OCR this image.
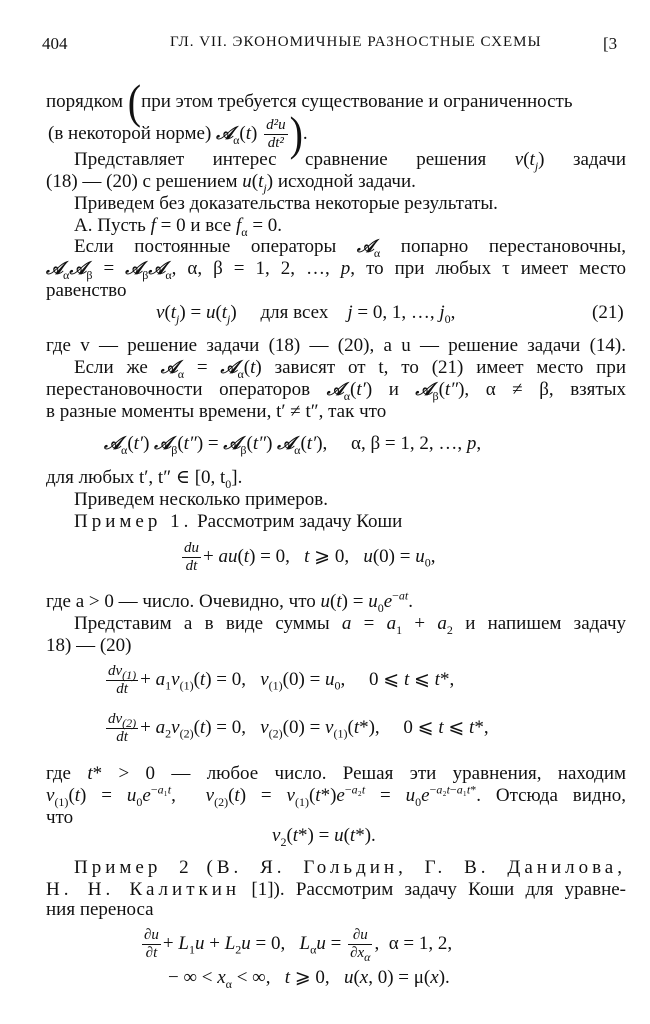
404	ГЛ. VII. ЭКОНОМИЧНЫЕ РАЗНОСТНЫЕ СХЕМЫ	[3
порядком (при этом требуется существование и ограниченность
(в некоторой норме) 𝒜$_\alpha$(t) $\frac{\text{d²u}}{\text{dt²}}$ ).
Представляет интерес сравнение решения $v(t_j)$ задачи
(18) — (20) с решением $u(t_j)$ исходной задачи.
Приведем без доказательства некоторые результаты.
А. Пусть f = 0 и все $f_\alpha = 0$.
Если постоянные операторы 𝒜$_\alpha$ попарно перестановочны,
𝒜$_\alpha$𝒜$_\beta$ = 𝒜$_\beta$𝒜$_\alpha$, α, β = 1, 2, …, p, то при любых τ имеет место
равенство
$v(t_j) = u(t_j)$     для всех j = 0, 1, …, $j_0$,	(21)
где v — решение задачи (18) — (20), а u — решение задачи (14).
Если же 𝒜$_\alpha$ = 𝒜$_\alpha$(t) зависят от t, то (21) имеет место при
перестановочности операторов 𝒜$_\alpha$(t′) и 𝒜$_\beta$(t″), α ≠ β, взятых
в разные моменты времени, t′ ≠ t″, так что
𝒜$_\alpha$(t′) 𝒜$_\beta$(t″) = 𝒜$_\beta$(t″) 𝒜$_\alpha$(t′),     α, β = 1, 2, …, p,
для любых t′, t″ ∈ [0, $t_0$].
Приведем несколько примеров.
Пример 1. Рассмотрим задачу Коши
$\frac{du}{dt} + au(t) = 0$,   t ⩾ 0,   $u(0) = u_0$,
где a > 0 — число. Очевидно, что $u(t) = u_0e^{-at}$.
Представим a в виде суммы $a = a_1 + a_2$ и напишем задачу
18) — (20)
$\frac{dv_{(1)}}{dt} + a_1v_{(1)}(t) = 0$,   $v_{(1)}(0) = u_0$,     0 ⩽ t ⩽ t*,
$\frac{dv_{(2)}}{dt} + a_2v_{(2)}(t) = 0$,   $v_{(2)}(0) = v_{(1)}(t*)$,     0 ⩽ t ⩽ t*,
где t* > 0 — любое число. Решая эти уравнения, находим
$v_{(1)}(t) = u_0e^{-a_1t}$,  $v_{(2)}(t) = v_{(1)}(t*)e^{-a_2t} = u_0e^{-a_2t-a_1t*}$. Отсюда видно,
что
$v_2(t*) = u(t*)$.
Пример 2 (В. Я. Гольдин, Г. В. Данилова,
Н. Н. Калиткин [1]). Рассмотрим задачу Коши для уравне-
ния переноса
$\frac{\partial u}{\partial t} + L_1u + L_2u = 0$,   $L_\alpha u = \frac{\partial u}{\partial x_\alpha}$ ,  α = 1, 2,
− ∞ < $x_\alpha$ < ∞,   t ⩾ 0,   u(x, 0) = μ(x).
